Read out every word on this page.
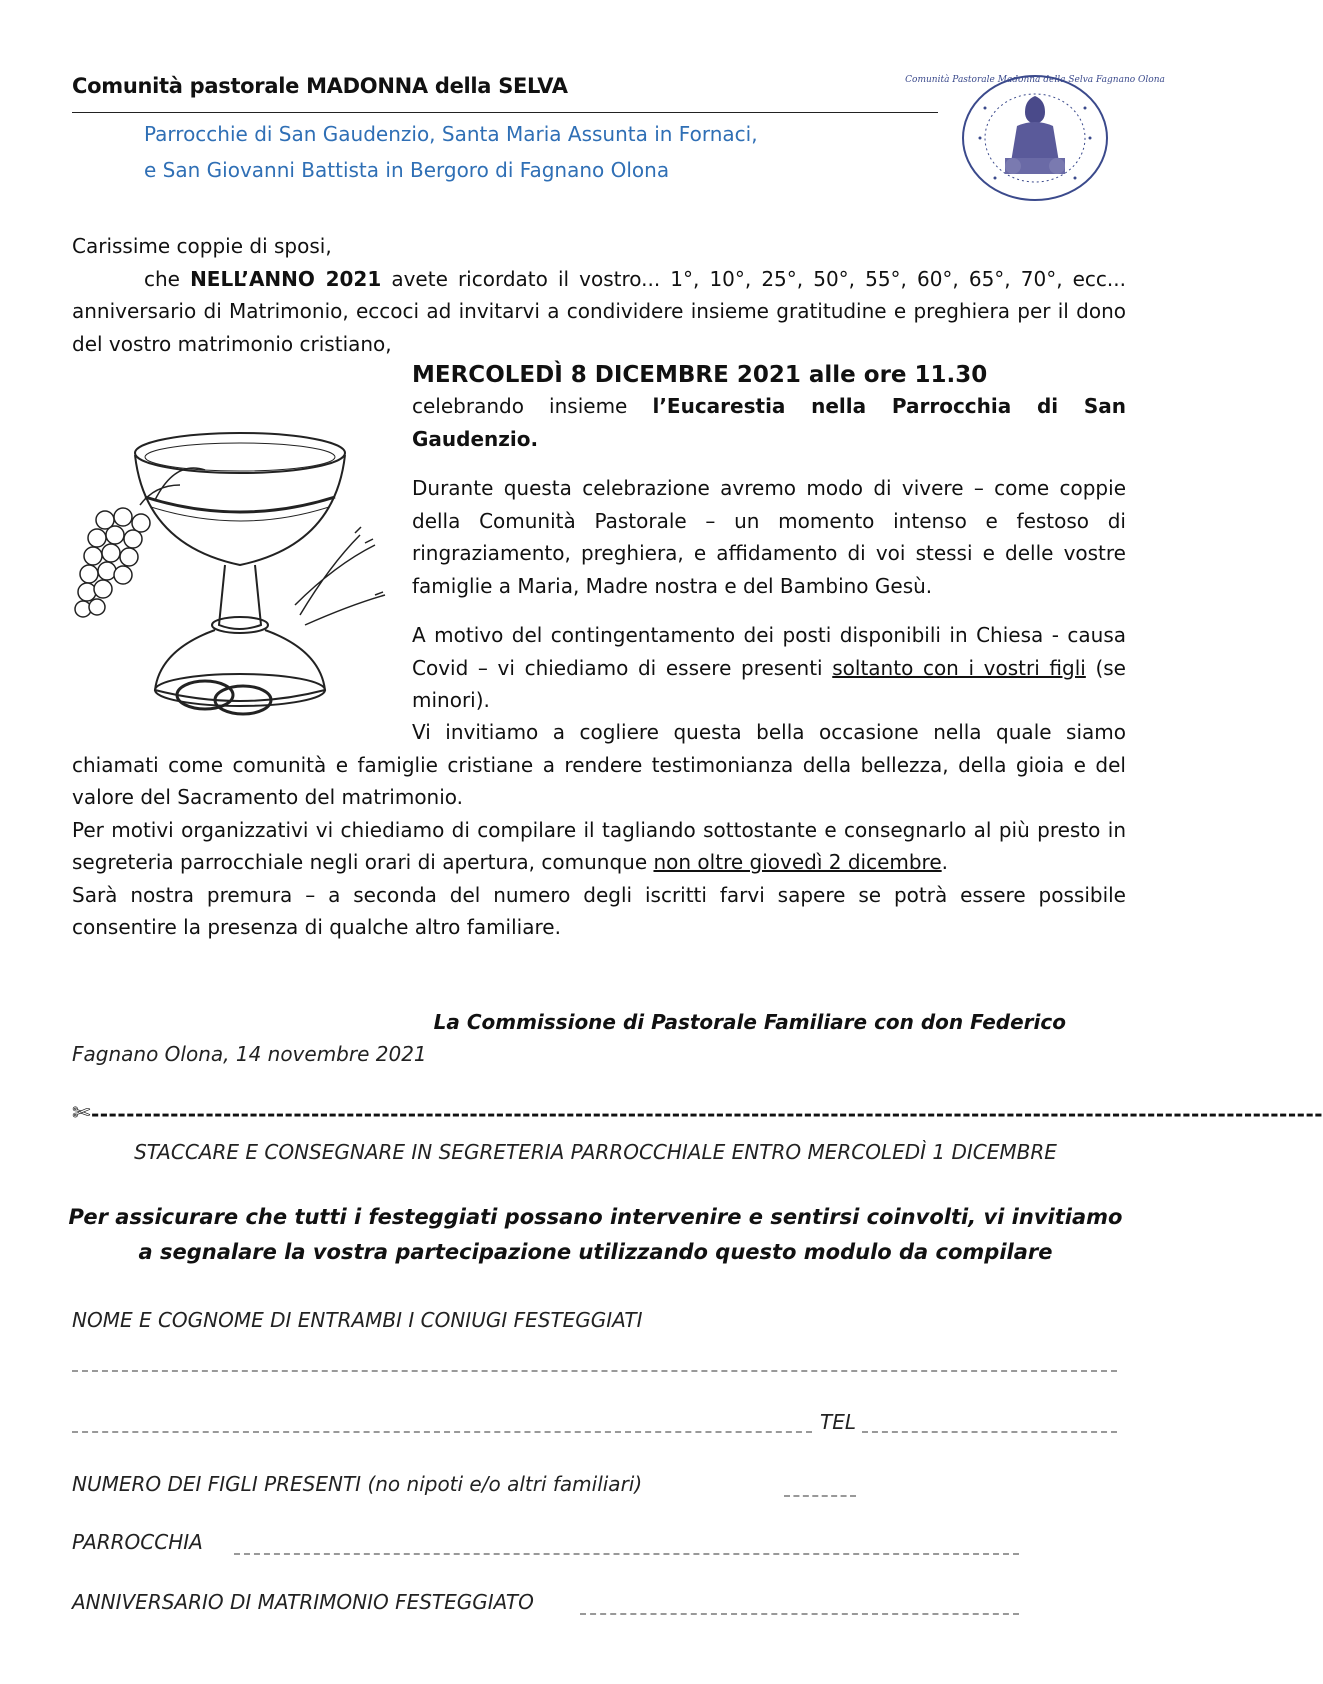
Comunità pastorale MADONNA della SELVA
Parrocchie di San Gaudenzio, Santa Maria Assunta in Fornaci,
e San Giovanni Battista in Bergoro di Fagnano Olona
Comunità Pastorale Madonna della Selva Fagnano Olona
Carissime coppie di sposi,
che NELL’ANNO 2021 avete ricordato il vostro... 1°, 10°, 25°, 50°, 55°, 60°, 65°, 70°, ecc... anniversario di Matrimonio, eccoci ad invitarvi a condividere insieme gratitudine e preghiera per il dono del vostro matrimonio cristiano,
MERCOLEDÌ 8 DICEMBRE 2021 alle ore 11.30
celebrando insieme l’Eucarestia nella Parrocchia di San Gaudenzio.
Durante questa celebrazione avremo modo di vivere – come coppie della Comunità Pastorale – un momento intenso e festoso di ringraziamento, preghiera, e affidamento di voi stessi e delle vostre famiglie a Maria, Madre nostra e del Bambino Gesù.
A motivo del contingentamento dei posti disponibili in Chiesa - causa Covid – vi chiediamo di essere presenti soltanto con i vostri figli (se minori).
Vi invitiamo a cogliere questa bella occasione nella quale siamo chiamati come comunità e famiglie cristiane a rendere testimonianza della bellezza, della gioia e del valore del Sacramento del matrimonio.
Per motivi organizzativi vi chiediamo di compilare il tagliando sottostante e consegnarlo al più presto in segreteria parrocchiale negli orari di apertura, comunque non oltre giovedì 2 dicembre.
Sarà nostra premura – a seconda del numero degli iscritti farvi sapere se potrà essere possibile consentire la presenza di qualche altro familiare.
La Commissione di Pastorale Familiare con don Federico
Fagnano Olona, 14 novembre 2021
✄--------------------------------------------------------------------------------------------------------------------------------------------
STACCARE E CONSEGNARE IN SEGRETERIA PARROCCHIALE ENTRO MERCOLEDÌ 1 DICEMBRE
Per assicurare che tutti i festeggiati possano intervenire e sentirsi coinvolti, vi invitiamo
a segnalare la vostra partecipazione utilizzando questo modulo da compilare
NOME E COGNOME DI ENTRAMBI I CONIUGI FESTEGGIATI
TEL
NUMERO DEI FIGLI PRESENTI (no nipoti e/o altri familiari)
PARROCCHIA
ANNIVERSARIO DI MATRIMONIO FESTEGGIATO
